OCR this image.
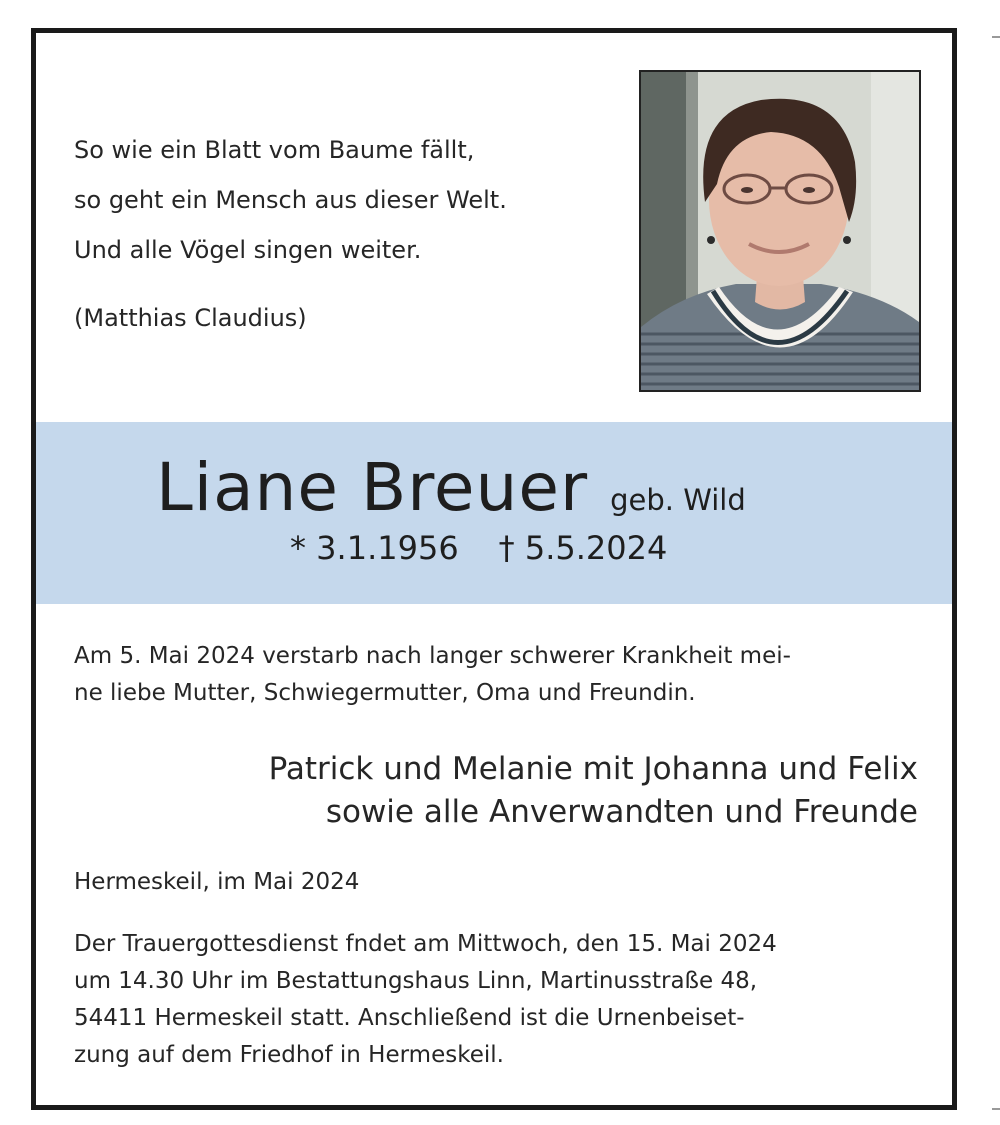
So wie ein Blatt vom Baume fällt,
so geht ein Mensch aus dieser Welt.
Und alle Vögel singen weiter.
(Matthias Claudius)
Liane Breuer geb. Wild
* 3.1.1956 † 5.5.2024
Am 5. Mai 2024 verstarb nach langer schwerer Krankheit mei-
ne liebe Mutter, Schwiegermutter, Oma und Freundin.
Patrick und Melanie mit Johanna und Felix
sowie alle Anverwandten und Freunde
Hermeskeil, im Mai 2024
Der Trauergottesdienst fndet am Mittwoch, den 15. Mai 2024
um 14.30 Uhr im Bestattungshaus Linn, Martinusstraße 48,
54411 Hermeskeil statt. Anschließend ist die Urnenbeiset-
zung auf dem Friedhof in Hermeskeil.
